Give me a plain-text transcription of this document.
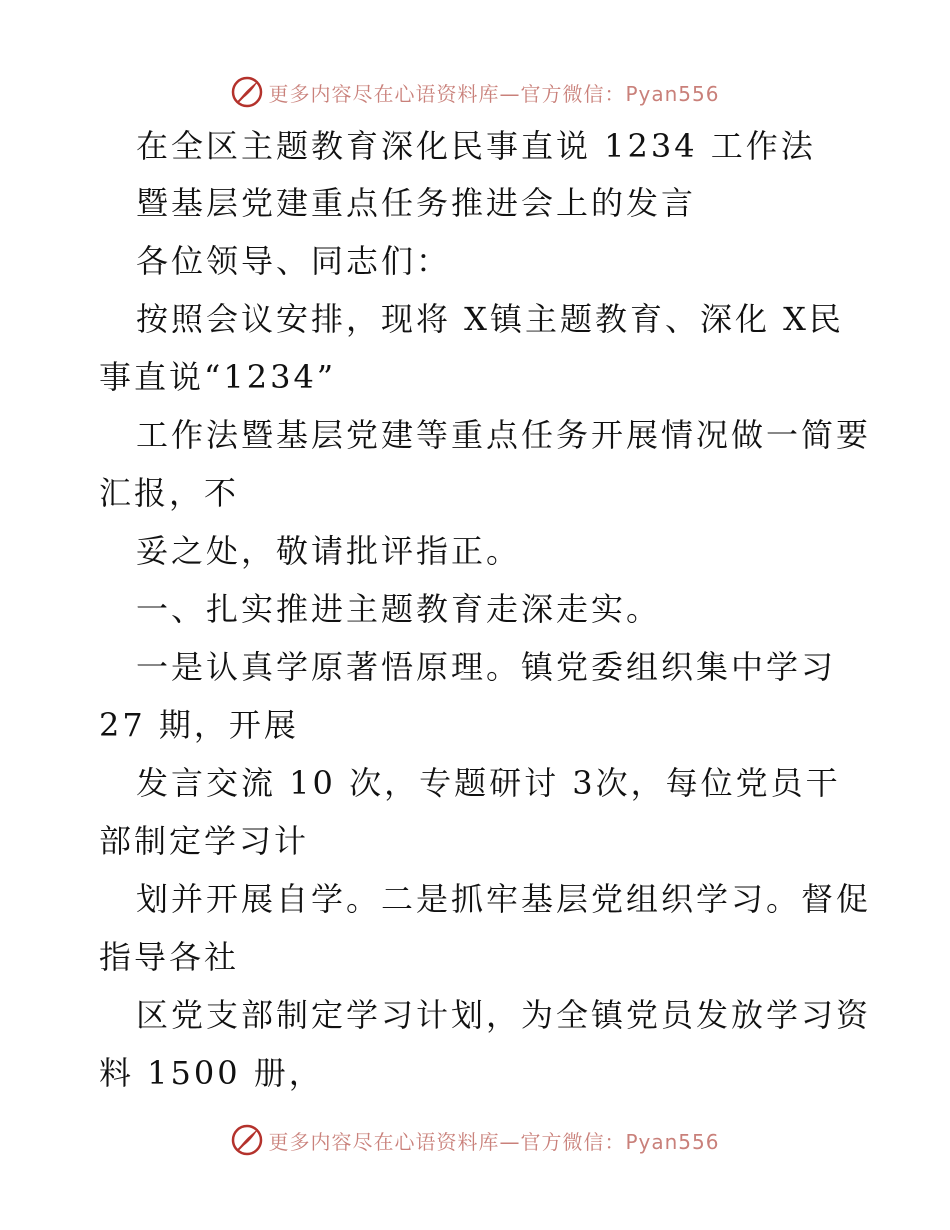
更多内容尽在心语资料库—官方微信：Pyan556
在全区主题教育深化民事直说 1234 工作法
暨基层党建重点任务推进会上的发言
各位领导、同志们：
按照会议安排，现将 X镇主题教育、深化 X民
事直说“1234”
工作法暨基层党建等重点任务开展情况做一简要
汇报，不
妥之处，敬请批评指正。
一、扎实推进主题教育走深走实。
一是认真学原著悟原理。镇党委组织集中学习
27 期，开展
发言交流 10 次，专题研讨 3次，每位党员干
部制定学习计
划并开展自学。二是抓牢基层党组织学习。督促
指导各社
区党支部制定学习计划，为全镇党员发放学习资
料 1500 册，
更多内容尽在心语资料库—官方微信：Pyan556
